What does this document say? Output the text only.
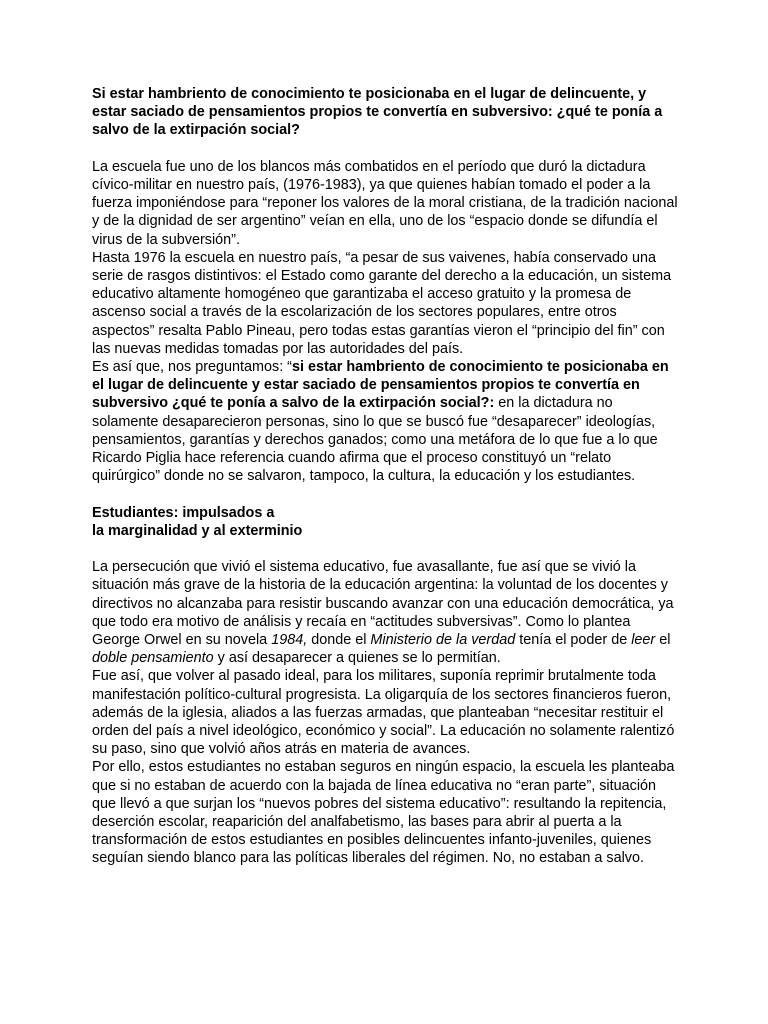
Si estar hambriento de conocimiento te posicionaba en el lugar de delincuente, y estar saciado de pensamientos propios te convertía en subversivo: ¿qué te ponía a salvo de la extirpación social?

La escuela fue uno de los blancos más combatidos en el período que duró la dictadura cívico-militar en nuestro país, (1976-1983), ya que quienes habían tomado el poder a la fuerza imponiéndose para “reponer los valores de la moral cristiana, de la tradición nacional y de la dignidad de ser argentino” veían en ella, uno de los “espacio donde se difundía el virus de la subversión”.

Hasta 1976 la escuela en nuestro país, “a pesar de sus vaivenes, había conservado una serie de rasgos distintivos: el Estado como garante del derecho a la educación, un sistema educativo altamente homogéneo que garantizaba el acceso gratuito y la promesa de ascenso social a través de la escolarización de los sectores populares, entre otros aspectos” resalta Pablo Pineau, pero todas estas garantías vieron el “principio del fin” con las nuevas medidas tomadas por las autoridades del país.

Es así que, nos preguntamos: “si estar hambriento de conocimiento te posicionaba en el lugar de delincuente y estar saciado de pensamientos propios te convertía en subversivo ¿qué te ponía a salvo de la extirpación social?: en la dictadura no solamente desaparecieron personas, sino lo que se buscó fue “desaparecer” ideologías, pensamientos, garantías y derechos ganados; como una metáfora de lo que fue a lo que Ricardo Piglia hace referencia cuando afirma que el proceso constituyó un “relato quirúrgico” donde no se salvaron, tampoco, la cultura, la educación y los estudiantes.

Estudiantes: impulsados a

la marginalidad y al exterminio

La persecución que vivió el sistema educativo, fue avasallante, fue así que se vivió la situación más grave de la historia de la educación argentina: la voluntad de los docentes y directivos no alcanzaba para resistir buscando avanzar con una educación democrática, ya que todo era motivo de análisis y recaía en “actitudes subversivas”. Como lo plantea George Orwel en su novela 1984, donde el Ministerio de la verdad tenía el poder de leer el doble pensamiento y así desaparecer a quienes se lo permitían.

Fue así, que volver al pasado ideal, para los militares, suponía reprimir brutalmente toda manifestación político-cultural progresista. La oligarquía de los sectores financieros fueron, además de la iglesia, aliados a las fuerzas armadas, que planteaban “necesitar restituir el orden del país a nivel ideológico, económico y social”. La educación no solamente ralentizó su paso, sino que volvió años atrás en materia de avances.

Por ello, estos estudiantes no estaban seguros en ningún espacio, la escuela les planteaba que si no estaban de acuerdo con la bajada de línea educativa no “eran parte”, situación que llevó a que surjan los “nuevos pobres del sistema educativo”: resultando la repitencia, deserción escolar, reaparición del analfabetismo, las bases para abrir al puerta a la transformación de estos estudiantes en posibles delincuentes infanto-juveniles, quienes seguían siendo blanco para las políticas liberales del régimen. No, no estaban a salvo.
